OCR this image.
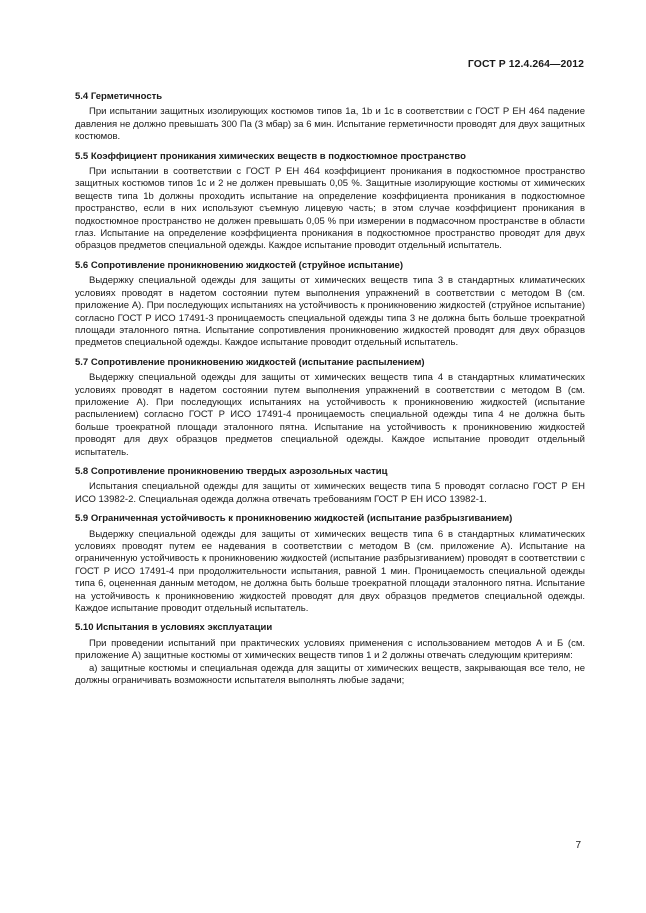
ГОСТ Р 12.4.264—2012
5.4 Герметичность

При испытании защитных изолирующих костюмов типов 1а, 1b и 1с в соответствии с ГОСТ Р ЕН 464 падение давления не должно превышать 300 Па (3 мбар) за 6 мин. Испытание герметичности проводят для двух защитных костюмов.

5.5 Коэффициент проникания химических веществ в подкостюмное пространство

При испытании в соответствии с ГОСТ Р ЕН 464 коэффициент проникания в подкостюмное пространство защитных костюмов типов 1с и 2 не должен превышать 0,05 %. Защитные изолирующие костюмы от химических веществ типа 1b должны проходить испытание на определение коэффициента проникания в подкостюмное пространство, если в них используют съемную лицевую часть; в этом случае коэффициент проникания в подкостюмное пространство не должен превышать 0,05 % при измерении в подмасочном пространстве в области глаз. Испытание на определение коэффициента проникания в подкостюмное пространство проводят для двух образцов предметов специальной одежды. Каждое испытание проводит отдельный испытатель.

5.6 Сопротивление проникновению жидкостей (струйное испытание)

Выдержку специальной одежды для защиты от химических веществ типа 3 в стандартных климатических условиях проводят в надетом состоянии путем выполнения упражнений в соответствии с методом В (см. приложение А). При последующих испытаниях на устойчивость к проникновению жидкостей (струйное испытание) согласно ГОСТ Р ИСО 17491-3 проницаемость специальной одежды типа 3 не должна быть больше троекратной площади эталонного пятна. Испытание сопротивления проникновению жидкостей проводят для двух образцов предметов специальной одежды. Каждое испытание проводит отдельный испытатель.

5.7 Сопротивление проникновению жидкостей (испытание распылением)

Выдержку специальной одежды для защиты от химических веществ типа 4 в стандартных климатических условиях проводят в надетом состоянии путем выполнения упражнений в соответствии с методом В (см. приложение А). При последующих испытаниях на устойчивость к проникновению жидкостей (испытание распылением) согласно ГОСТ Р ИСО 17491-4 проницаемость специальной одежды типа 4 не должна быть больше троекратной площади эталонного пятна. Испытание на устойчивость к проникновению жидкостей проводят для двух образцов предметов специальной одежды. Каждое испытание проводит отдельный испытатель.

5.8 Сопротивление проникновению твердых аэрозольных частиц

Испытания специальной одежды для защиты от химических веществ типа 5 проводят согласно ГОСТ Р ЕН ИСО 13982-2. Специальная одежда должна отвечать требованиям ГОСТ Р ЕН ИСО 13982-1.

5.9 Ограниченная устойчивость к проникновению жидкостей (испытание разбрызгиванием)

Выдержку специальной одежды для защиты от химических веществ типа 6 в стандартных климатических условиях проводят путем ее надевания в соответствии с методом В (см. приложение А). Испытание на ограниченную устойчивость к проникновению жидкостей (испытание разбрызгиванием) проводят в соответствии с ГОСТ Р ИСО 17491-4 при продолжительности испытания, равной 1 мин. Проницаемость специальной одежды типа 6, оцененная данным методом, не должна быть больше троекратной площади эталонного пятна. Испытание на устойчивость к проникновению жидкостей проводят для двух образцов предметов специальной одежды. Каждое испытание проводит отдельный испытатель.

5.10 Испытания в условиях эксплуатации

При проведении испытаний при практических условиях применения с использованием методов А и Б (см. приложение А) защитные костюмы от химических веществ типов 1 и 2 должны отвечать следующим критериям:

а) защитные костюмы и специальная одежда для защиты от химических веществ, закрывающая все тело, не должны ограничивать возможности испытателя выполнять любые задачи;

7
